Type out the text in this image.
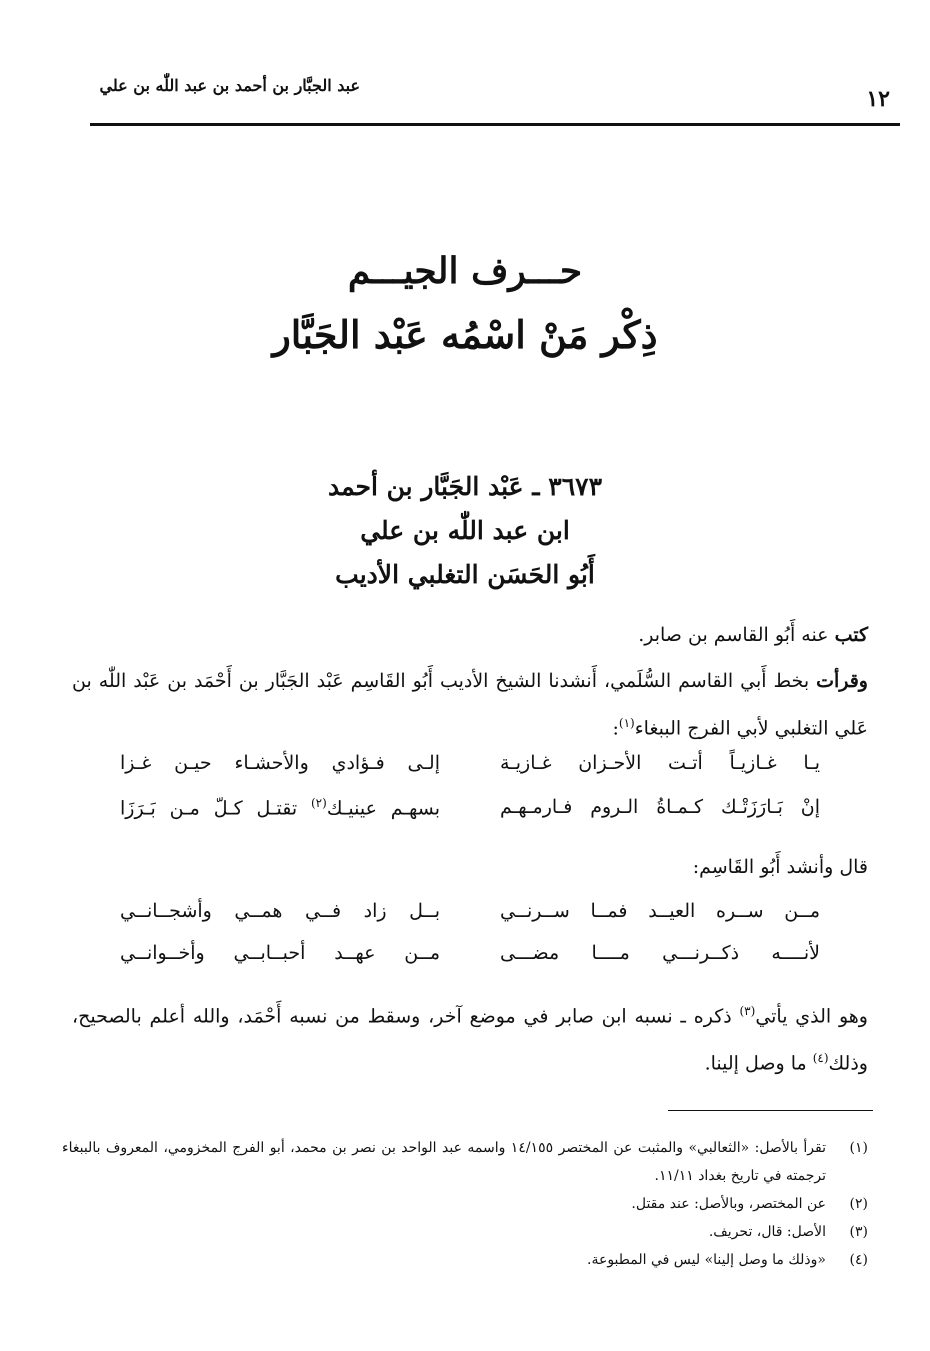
عبد الجبَّار بن أحمد بن عبد اللّٰه بن علي
١٢
حـــرف الجيـــم
ذِكْر مَنْ اسْمُه عَبْد الجَبَّار
٣٦٧٣ ـ عَبْد الجَبَّار بن أحمد
ابن عبد اللّٰه بن علي
أَبُو الحَسَن التغلبي الأديب
كتب عنه أَبُو القاسم بن صابر.
وقرأت بخط أَبي القاسم السُّلَمي، أَنشدنا الشيخ الأديب أَبُو القَاسِم عَبْد الجَبَّار بن أَحْمَد بن عَبْد اللّٰه بن عَلي التغلبي لأبي الفرج الببغاء$^{(١)}$:
يـا غـازيـاً أتـت الأحـزان غـازيـة
إلـى فـؤادي والأحشـاء حيـن غـزا
إنْ بَـارَزَتْـك كـمـاةُ الـروم فـارمـهـم
بسهـم عينيـك$^{(٢)}$ تقتـل كـلّ مـن بَـرَزَا
قال وأنشد أَبُو القَاسِم:
مــن ســره العيــد فمــا ســرنــي
بــل زاد فــي همــي وأشجــانــي
لأنــــه ذكــرنـــي مــــا مضـــى
مــن عهــد أحبــابــي وأخــوانــي
وهو الذي يأتي$^{(٣)}$ ذكره ـ نسبه ابن صابر في موضع آخر، وسقط من نسبه أَحْمَد، والله أعلم بالصحيح، وذلك$^{(٤)}$ ما وصل إلينا.
(١)
تقرأ بالأصل: «الثعالبي» والمثبت عن المختصر ١٤/١٥٥ واسمه عبد الواحد بن نصر بن محمد، أبو الفرج المخزومي، المعروف بالببغاء ترجمته في تاريخ بغداد ١١/١١.
(٢)
عن المختصر، وبالأصل: عند مقتل.
(٣)
الأصل: قال، تحريف.
(٤)
«وذلك ما وصل إلينا» ليس في المطبوعة.
